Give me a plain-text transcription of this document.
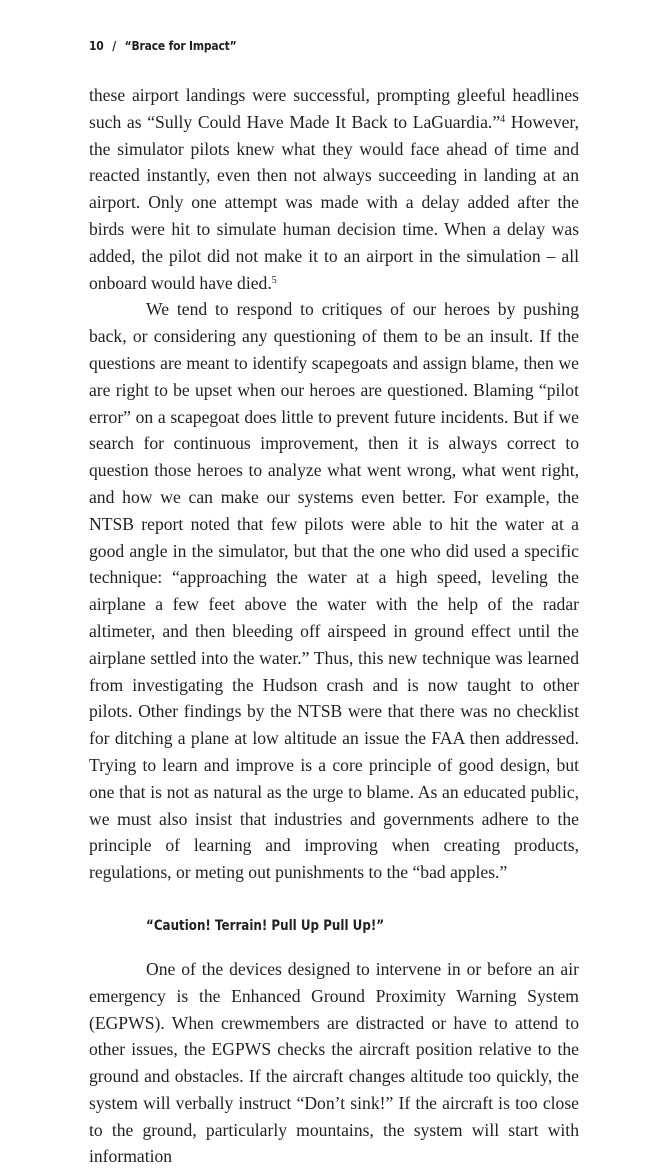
10 / “Brace for Impact”

these airport landings were successful, prompting gleeful headlines such as “Sully Could Have Made It Back to LaGuardia.”$^4$ However, the simulator pilots knew what they would face ahead of time and reacted instantly, even then not always succeeding in landing at an airport. Only one attempt was made with a delay added after the birds were hit to simulate human decision time. When a delay was added, the pilot did not make it to an airport in the simulation – all onboard would have died.$^5$

We tend to respond to critiques of our heroes by pushing back, or considering any questioning of them to be an insult. If the questions are meant to identify scapegoats and assign blame, then we are right to be upset when our heroes are questioned. Blaming “pilot error” on a scapegoat does little to prevent future incidents. But if we search for continuous improvement, then it is always correct to question those heroes to analyze what went wrong, what went right, and how we can make our systems even better. For example, the NTSB report noted that few pilots were able to hit the water at a good angle in the simulator, but that the one who did used a specific technique: “approaching the water at a high speed, leveling the airplane a few feet above the water with the help of the radar altimeter, and then bleeding off airspeed in ground effect until the airplane settled into the water.” Thus, this new technique was learned from investigating the Hudson crash and is now taught to other pilots. Other findings by the NTSB were that there was no checklist for ditching a plane at low altitude an issue the FAA then addressed. Trying to learn and improve is a core principle of good design, but one that is not as natural as the urge to blame. As an educated public, we must also insist that industries and governments adhere to the principle of learning and improving when creating products, regulations, or meting out punishments to the “bad apples.”

“Caution! Terrain! Pull Up Pull Up!”

One of the devices designed to intervene in or before an air emergency is the Enhanced Ground Proximity Warning System (EGPWS). When crewmembers are distracted or have to attend to other issues, the EGPWS checks the aircraft position relative to the ground and obstacles. If the aircraft changes altitude too quickly, the system will verbally instruct “Don’t sink!” If the aircraft is too close to the ground, particularly mountains, the system will start with information
